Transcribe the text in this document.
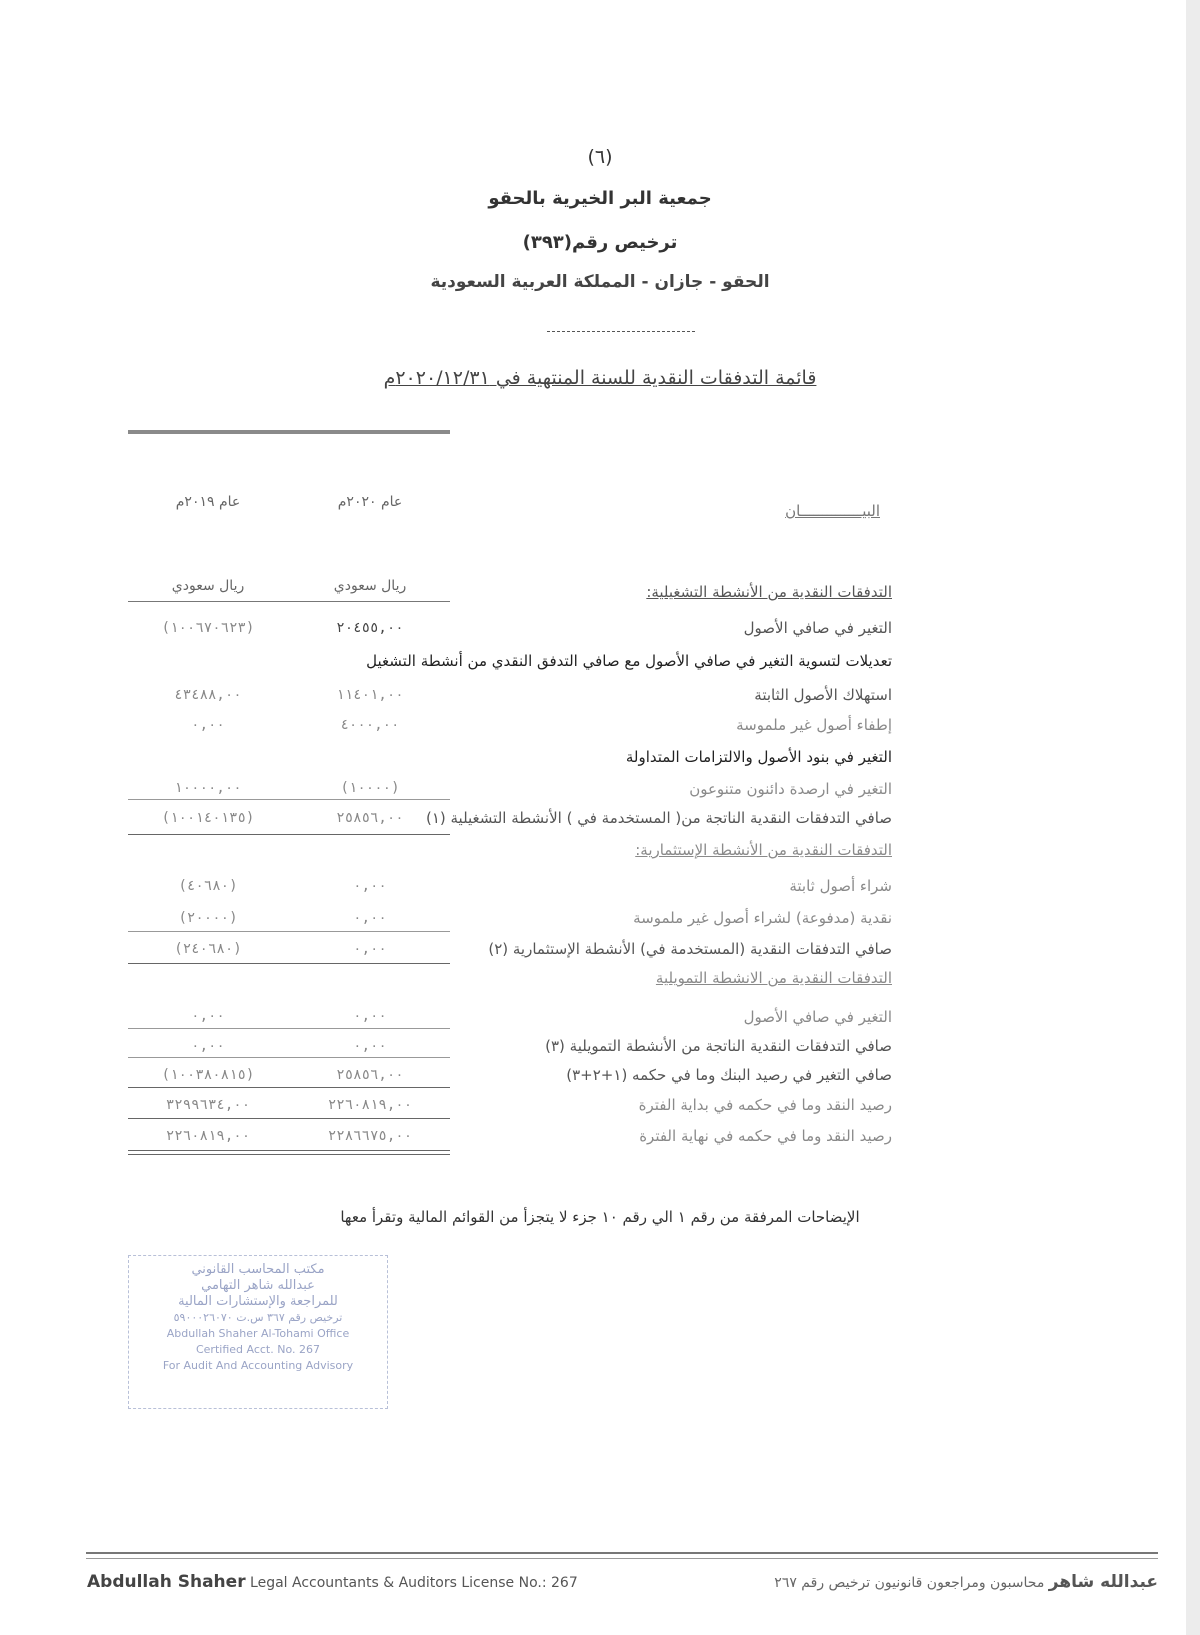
(٦)
جمعية البر الخيرية بالحقو
ترخيص رقم(٣٩٣)
الحقو - جازان - المملكة العربية السعودية
قائمة التدفقات النقدية للسنة المنتهية في ٢٠٢٠/١٢/٣١م
عام ٢٠٢٠م
عام ٢٠١٩م
ريال سعودي
ريال سعودي
البيــــــــــــــان
التدفقات النقدية من الأنشطة التشغيلية:
التغير في صافي الأصول
٢٠٤٥٥,٠٠
(١٠٠٦٧٠٦٢٣)
تعديلات لتسوية التغير في صافي الأصول مع صافي التدفق النقدي من أنشطة التشغيل
استهلاك الأصول الثابتة
١١٤٠١,٠٠
٤٣٤٨٨,٠٠
إطفاء أصول غير ملموسة
٤٠٠٠,٠٠
٠,٠٠
التغير في بنود الأصول والالتزامات المتداولة
التغير في ارصدة دائنون متنوعون
(١٠٠٠٠)
١٠٠٠٠,٠٠
صافي التدفقات النقدية الناتجة من( المستخدمة في ) الأنشطة التشغيلية (١)
٢٥٨٥٦,٠٠
(١٠٠١٤٠١٣٥)
التدفقات النقدية من الأنشطة الإستثمارية:
شراء أصول ثابتة
٠,٠٠
(٤٠٦٨٠)
نقدية (مدفوعة) لشراء أصول غير ملموسة
٠,٠٠
(٢٠٠٠٠)
صافي التدفقات النقدية (المستخدمة في) الأنشطة الإستثمارية (٢)
٠,٠٠
(٢٤٠٦٨٠)
التدفقات النقدية من الانشطة التمويلية
التغير في صافي الأصول
٠,٠٠
٠,٠٠
صافي التدفقات النقدية الناتجة من الأنشطة التمويلية (٣)
٠,٠٠
٠,٠٠
صافي التغير في رصيد البنك وما في حكمه (١+٢+٣)
٢٥٨٥٦,٠٠
(١٠٠٣٨٠٨١٥)
رصيد النقد وما في حكمه في بداية الفترة
٢٢٦٠٨١٩,٠٠
٣٢٩٩٦٣٤,٠٠
رصيد النقد وما في حكمه في نهاية الفترة
٢٢٨٦٦٧٥,٠٠
٢٢٦٠٨١٩,٠٠
الإيضاحات المرفقة من رقم ١ الي رقم ١٠ جزء لا يتجزأ من القوائم المالية وتقرأ معها
مكتب المحاسب القانوني
عبدالله شاهر التهامي
للمراجعة والإستشارات المالية
ترخيص رقم ٣٦٧ س.ت ٥٩٠٠٠٢٦٠٧٠
Abdullah Shaher Al-Tohami Office
Certified Acct. No. 267
For Audit And Accounting Advisory
Abdullah Shaher Legal Accountants & Auditors License No.: 267	عبدالله شاهر محاسبون ومراجعون قانونيون ترخيص رقم ٢٦٧
